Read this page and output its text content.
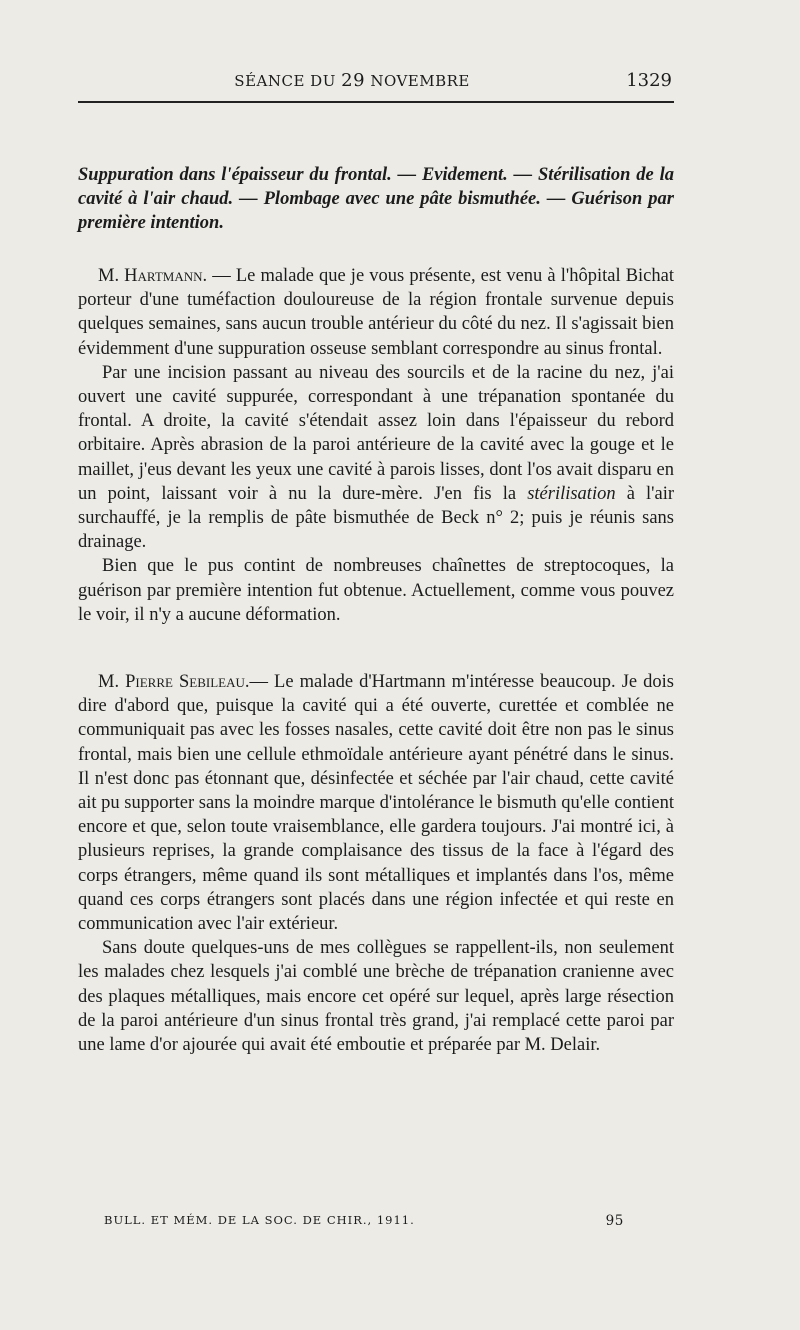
SÉANCE DU 29 NOVEMBRE	1329

Suppuration dans l'épaisseur du frontal. — Evidement. — Stérilisation de la cavité à l'air chaud. — Plombage avec une pâte bismuthée. — Guérison par première intention.

M. Hartmann. — Le malade que je vous présente, est venu à l'hôpital Bichat porteur d'une tuméfaction douloureuse de la région frontale survenue depuis quelques semaines, sans aucun trouble antérieur du côté du nez. Il s'agissait bien évidemment d'une suppuration osseuse semblant correspondre au sinus frontal.

Par une incision passant au niveau des sourcils et de la racine du nez, j'ai ouvert une cavité suppurée, correspondant à une trépanation spontanée du frontal. A droite, la cavité s'étendait assez loin dans l'épaisseur du rebord orbitaire. Après abrasion de la paroi antérieure de la cavité avec la gouge et le maillet, j'eus devant les yeux une cavité à parois lisses, dont l'os avait disparu en un point, laissant voir à nu la dure-mère. J'en fis la stérilisation à l'air surchauffé, je la remplis de pâte bismuthée de Beck n° 2; puis je réunis sans drainage.

Bien que le pus contint de nombreuses chaînettes de streptocoques, la guérison par première intention fut obtenue. Actuellement, comme vous pouvez le voir, il n'y a aucune déformation.

M. Pierre Sebileau.— Le malade d'Hartmann m'intéresse beaucoup. Je dois dire d'abord que, puisque la cavité qui a été ouverte, curettée et comblée ne communiquait pas avec les fosses nasales, cette cavité doit être non pas le sinus frontal, mais bien une cellule ethmoïdale antérieure ayant pénétré dans le sinus. Il n'est donc pas étonnant que, désinfectée et séchée par l'air chaud, cette cavité ait pu supporter sans la moindre marque d'intolérance le bismuth qu'elle contient encore et que, selon toute vraisemblance, elle gardera toujours. J'ai montré ici, à plusieurs reprises, la grande complaisance des tissus de la face à l'égard des corps étrangers, même quand ils sont métalliques et implantés dans l'os, même quand ces corps étrangers sont placés dans une région infectée et qui reste en communication avec l'air extérieur.

Sans doute quelques-uns de mes collègues se rappellent-ils, non seulement les malades chez lesquels j'ai comblé une brèche de trépanation cranienne avec des plaques métalliques, mais encore cet opéré sur lequel, après large résection de la paroi antérieure d'un sinus frontal très grand, j'ai remplacé cette paroi par une lame d'or ajourée qui avait été emboutie et préparée par M. Delair.

BULL. ET MÉM. DE LA SOC. DE CHIR., 1911.	95
